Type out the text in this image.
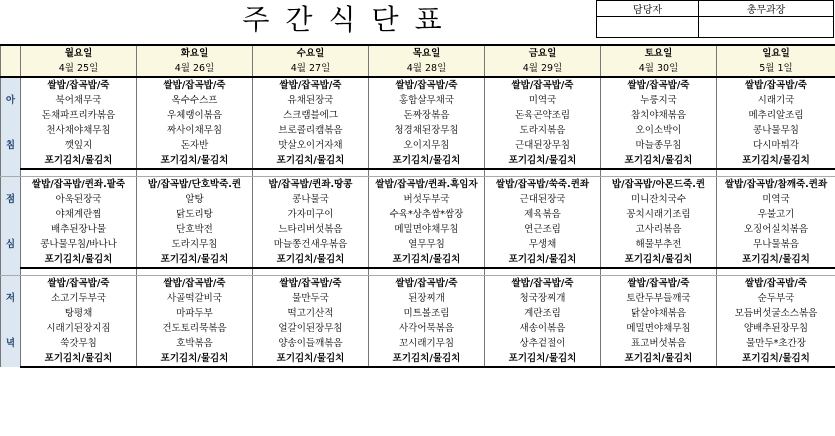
주간식단표	담당자	총무과장

	월요일	화요일	수요일	목요일	금요일	토요일	일요일
	4월 25일	4월 26일	4월 27일	4월 28일	4월 29일	4월 30일	5월 1일
아	쌀밥/잡곡밥/죽	쌀밥/잡곡밥/죽	쌀밥/잡곡밥/죽	쌀밥/잡곡밥/죽	쌀밥/잡곡밥/죽	쌀밥/잡곡밥/죽	쌀밥/잡곡밥/죽
	북어채무국	옥수수스프	유채된장국	홍합살무채국	미역국	누룽지국	시래기국
	돈채파프리카볶음	우체랭이볶음	스크램블에그	돈짜장볶음	돈육곤약조림	참치야채볶음	메추리알조림
침	천사채야채무침	짜사이채무침	브로콜리캠볶음	청경채된장무침	도라지볶음	오이소박이	콩나물무침
	깻잎지	돈자반	맛살오이거자채	오이지무침	근대된장무침	마늘종무침	다시마튀각
	포기김치/물김치	포기김치/물김치	포기김치/물김치	포기김치/물김치	포기김치/물김치	포기김치/물김치	포기김치/물김치

점	쌀밥/잡곡밥/퀸좌.팥죽	밥/잡곡밥/단호박죽.퀸	밥/잡곡밥/퀸좌.땅콩	쌀밥/잡곡밥/퀸좌.흑임자	쌀밥/잡곡밥/쑥죽.퀸좌	밥/잡곡밥/아몬드죽.퀸	쌀밥/잡곡밥/참깨죽.퀸좌
	아욱된장국	알탕	콩나물국	버섯두부국	근대된장국	미니잔치국수	미역국
	야채계란찜	닭도리탕	가자미구이	수육*상추쌈*쌈장	제육볶음	꽁치시래기조림	우불고기
심	배추된장나물	단호박전	느타리버섯볶음	메밀면야채무침	연근조림	고사리볶음	오징어실치볶음
	콩나물무침/바나나	도라지무침	마늘쫑건새우볶음	열무무침	무생채	해물부추전	무나물볶음
	포기김치/물김치	포기김치/물김치	포기김치/물김치	포기김치/물김치	포기김치/물김치	포기김치/물김치	포기김치/물김치

저	쌀밥/잡곡밥/죽	쌀밥/잡곡밥/죽	쌀밥/잡곡밥/죽	쌀밥/잡곡밥/죽	쌀밥/잡곡밥/죽	쌀밥/잡곡밥/죽	쌀밥/잡곡밥/죽
	소고기두부국	사골떡갈비국	물만두국	된장찌개	청국장찌개	토란두부들깨국	순두부국
	탕평채	마파두부	떡고기산적	미트볼조림	계란조림	닭살야채볶음	모듬버섯굴소스볶음
녁	시래기된장지짐	건도토리묵볶음	얼갈이된장무침	사각어묵볶음	새송이볶음	메밀면야채무침	양배추된장무침
	쑥갓무침	호박볶음	양송이들깨볶음	꼬시래기무침	상추겉절이	표고버섯볶음	물만두*초간장
	포기김치/물김치	포기김치/물김치	포기김치/물김치	포기김치/물김치	포기김치/물김치	포기김치/물김치	포기김치/물김치
